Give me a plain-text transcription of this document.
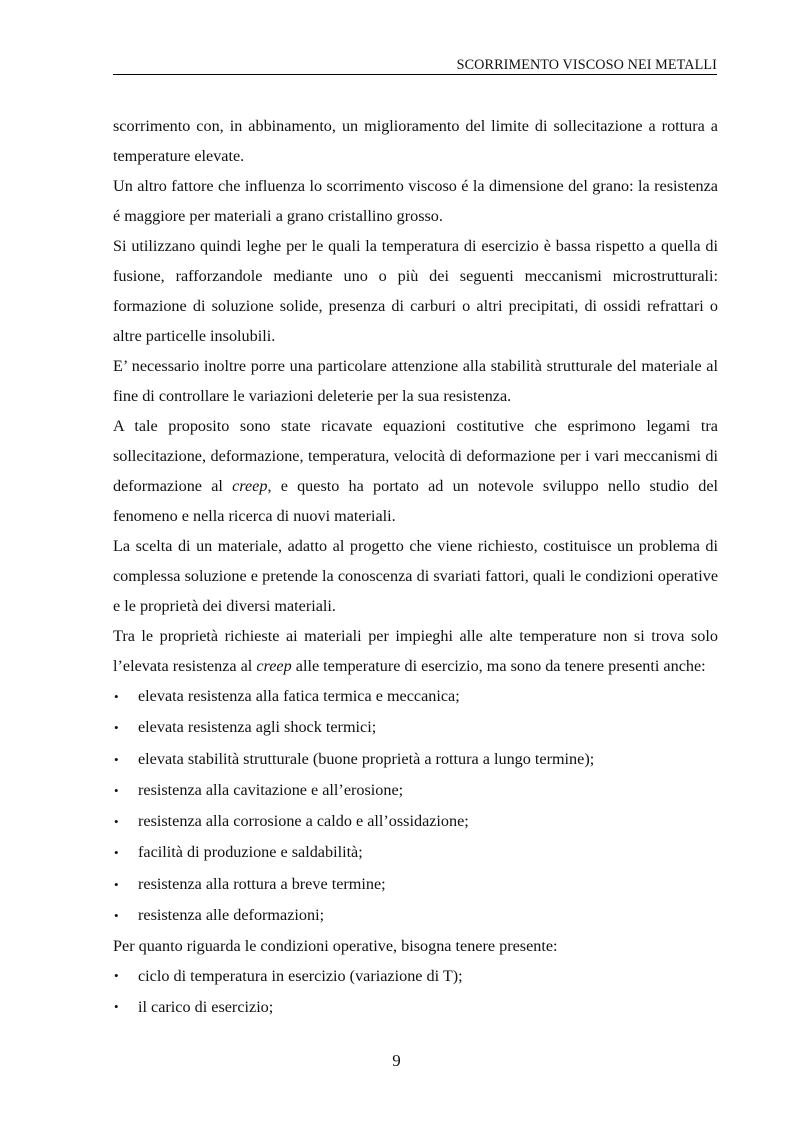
SCORRIMENTO VISCOSO NEI METALLI

scorrimento con, in abbinamento, un miglioramento del limite di sollecitazione a rottura a temperature elevate.

Un altro fattore che influenza lo scorrimento viscoso é la dimensione del grano: la resistenza é maggiore per materiali a grano cristallino grosso.

Si utilizzano quindi leghe per le quali la temperatura di esercizio è bassa rispetto a quella di fusione, rafforzandole mediante uno o più dei seguenti meccanismi microstrutturali: formazione di soluzione solide, presenza di carburi o altri precipitati, di ossidi refrattari o altre particelle insolubili.

E’ necessario inoltre porre una particolare attenzione alla stabilità strutturale del materiale al fine di controllare le variazioni deleterie per la sua resistenza.

A tale proposito sono state ricavate equazioni costitutive che esprimono legami tra sollecitazione, deformazione, temperatura, velocità di deformazione per i vari meccanismi di deformazione al creep, e questo ha portato ad un notevole sviluppo nello studio del fenomeno e nella ricerca di nuovi materiali.

La scelta di un materiale, adatto al progetto che viene richiesto, costituisce un problema di complessa soluzione e pretende la conoscenza di svariati fattori, quali le condizioni operative e le proprietà dei diversi materiali.

Tra le proprietà richieste ai materiali per impieghi alle alte temperature non si trova solo l’elevata resistenza al creep alle temperature di esercizio, ma sono da tenere presenti anche:

• elevata resistenza alla fatica termica e meccanica;
• elevata resistenza agli shock termici;
• elevata stabilità strutturale (buone proprietà a rottura a lungo termine);
• resistenza alla cavitazione e all’erosione;
• resistenza alla corrosione a caldo e all’ossidazione;
• facilità di produzione e saldabilità;
• resistenza alla rottura a breve termine;
• resistenza alle deformazioni;

Per quanto riguarda le condizioni operative, bisogna tenere presente:

• ciclo di temperatura in esercizio (variazione di T);
• il carico di esercizio;
9
